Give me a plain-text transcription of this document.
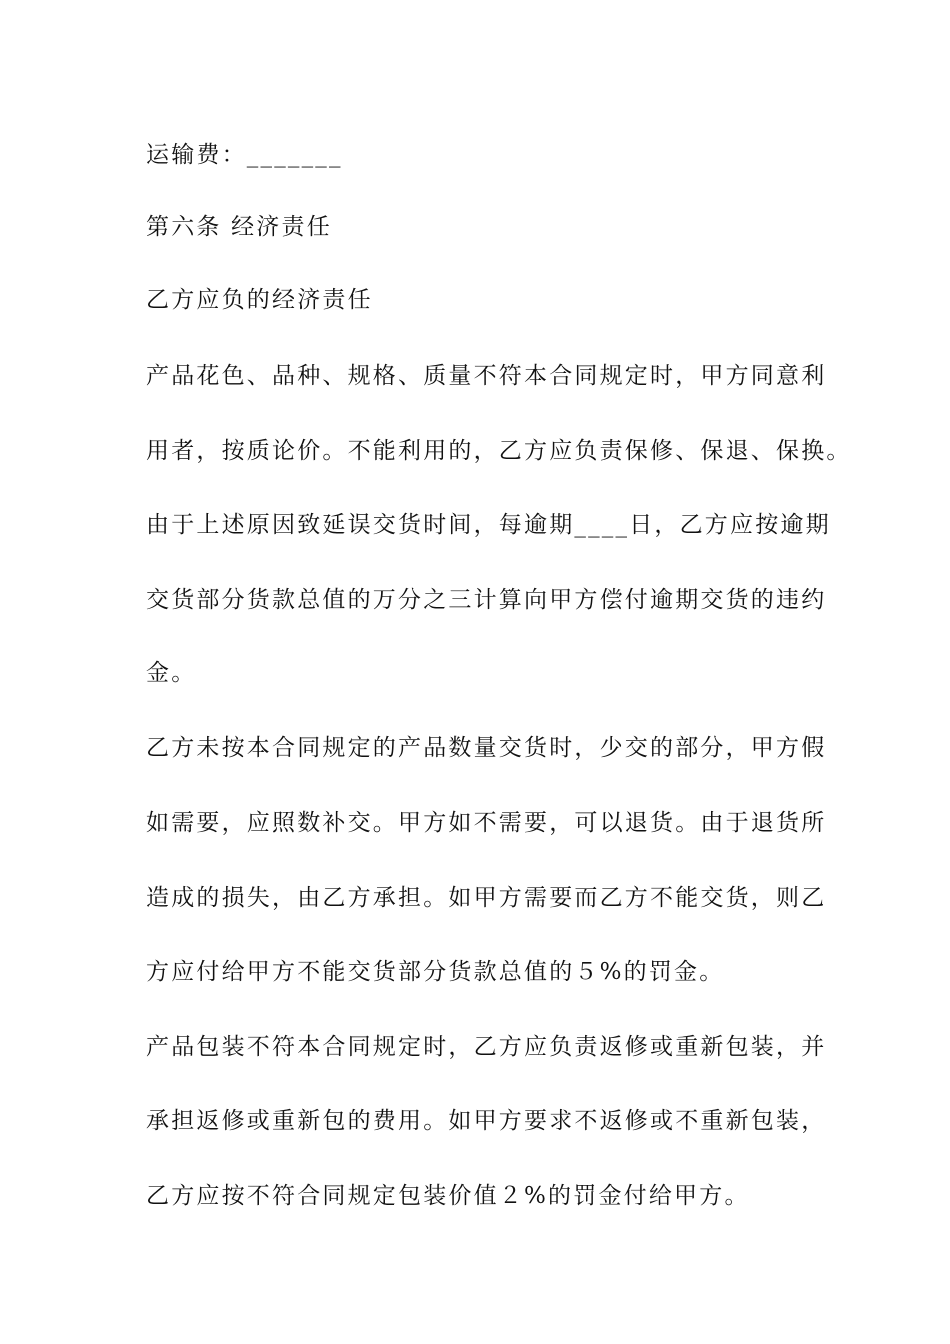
运输费：_______
第六条 经济责任
乙方应负的经济责任
产品花色、品种、规格、质量不符本合同规定时，甲方同意利
用者，按质论价。不能利用的，乙方应负责保修、保退、保换。
由于上述原因致延误交货时间，每逾期____日，乙方应按逾期
交货部分货款总值的万分之三计算向甲方偿付逾期交货的违约
金。
乙方未按本合同规定的产品数量交货时，少交的部分，甲方假
如需要，应照数补交。甲方如不需要，可以退货。由于退货所
造成的损失，由乙方承担。如甲方需要而乙方不能交货，则乙
方应付给甲方不能交货部分货款总值的５%的罚金。
产品包装不符本合同规定时，乙方应负责返修或重新包装，并
承担返修或重新包的费用。如甲方要求不返修或不重新包装，
乙方应按不符合同规定包装价值２%的罚金付给甲方。
